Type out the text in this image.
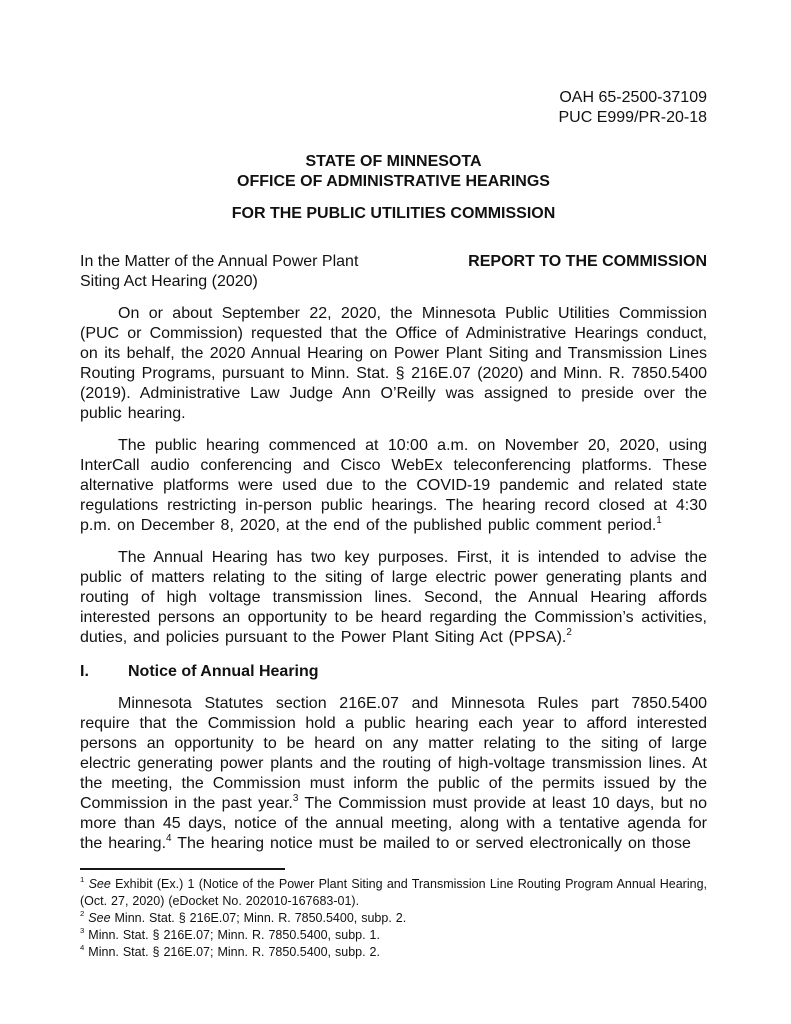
OAH 65-2500-37109
PUC E999/PR-20-18
STATE OF MINNESOTA
OFFICE OF ADMINISTRATIVE HEARINGS
FOR THE PUBLIC UTILITIES COMMISSION
In the Matter of the Annual Power Plant Siting Act Hearing (2020)
REPORT TO THE COMMISSION

On or about September 22, 2020, the Minnesota Public Utilities Commission (PUC or Commission) requested that the Office of Administrative Hearings conduct, on its behalf, the 2020 Annual Hearing on Power Plant Siting and Transmission Lines Routing Programs, pursuant to Minn. Stat. § 216E.07 (2020) and Minn. R. 7850.5400 (2019). Administrative Law Judge Ann O’Reilly was assigned to preside over the public hearing.

The public hearing commenced at 10:00 a.m. on November 20, 2020, using InterCall audio conferencing and Cisco WebEx teleconferencing platforms. These alternative platforms were used due to the COVID-19 pandemic and related state regulations restricting in-person public hearings. The hearing record closed at 4:30 p.m. on December 8, 2020, at the end of the published public comment period.$^1$

The Annual Hearing has two key purposes. First, it is intended to advise the public of matters relating to the siting of large electric power generating plants and routing of high voltage transmission lines. Second, the Annual Hearing affords interested persons an opportunity to be heard regarding the Commission’s activities, duties, and policies pursuant to the Power Plant Siting Act (PPSA).$^2$

I.	Notice of Annual Hearing

Minnesota Statutes section 216E.07 and Minnesota Rules part 7850.5400 require that the Commission hold a public hearing each year to afford interested persons an opportunity to be heard on any matter relating to the siting of large electric generating power plants and the routing of high-voltage transmission lines. At the meeting, the Commission must inform the public of the permits issued by the Commission in the past year.$^3$ The Commission must provide at least 10 days, but no more than 45 days, notice of the annual meeting, along with a tentative agenda for the hearing.$^4$ The hearing notice must be mailed to or served electronically on those

$^1$ See Exhibit (Ex.) 1 (Notice of the Power Plant Siting and Transmission Line Routing Program Annual Hearing, (Oct. 27, 2020) (eDocket No. 202010-167683-01).
$^2$ See Minn. Stat. § 216E.07; Minn. R. 7850.5400, subp. 2.
$^3$ Minn. Stat. § 216E.07; Minn. R. 7850.5400, subp. 1.
$^4$ Minn. Stat. § 216E.07; Minn. R. 7850.5400, subp. 2.
